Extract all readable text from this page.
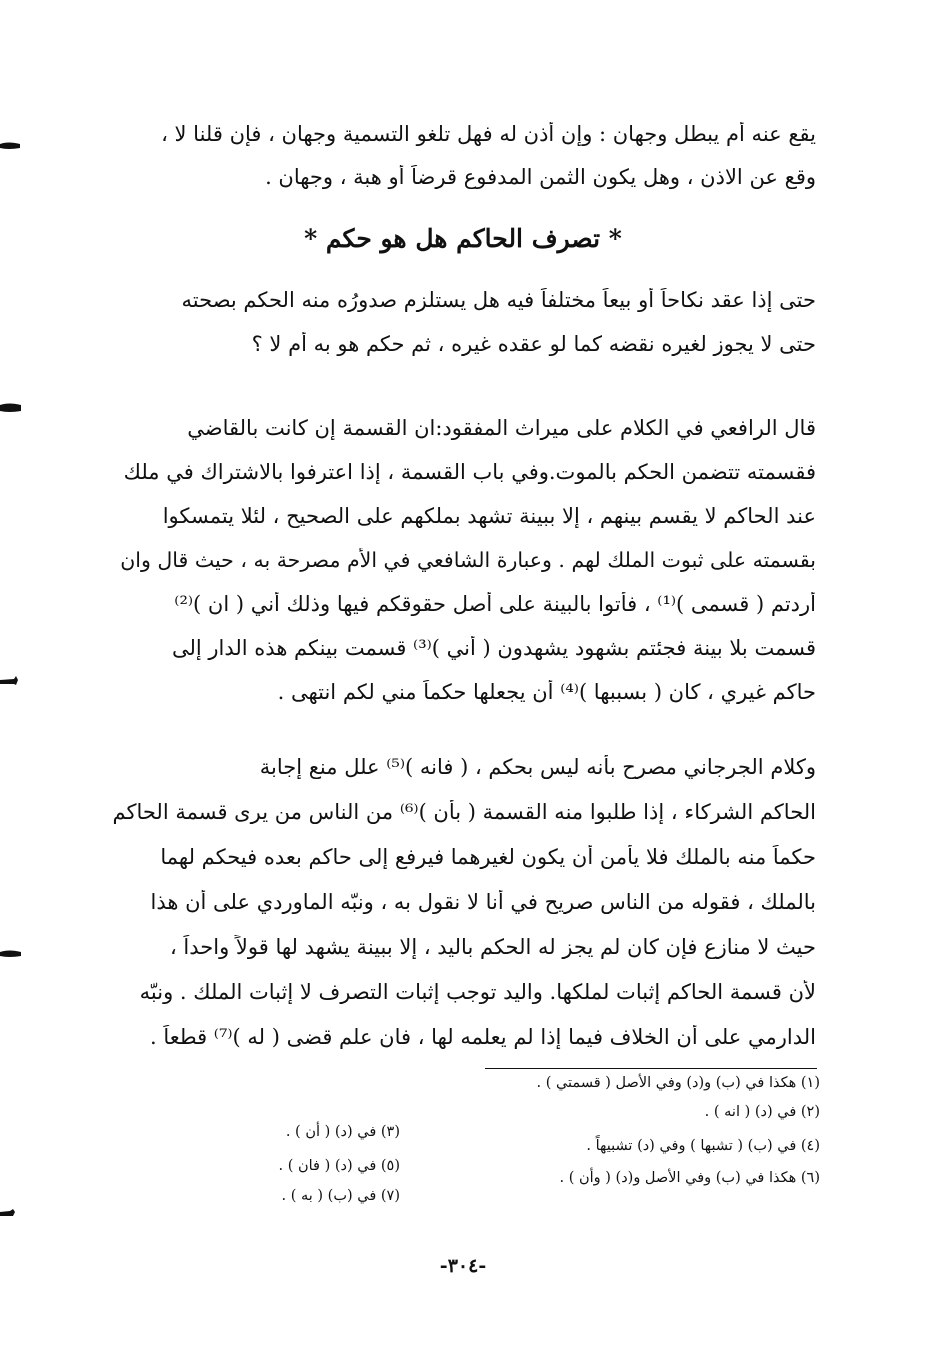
يقع عنه أم يبطل وجهان : وإن أذن له فهل تلغو التسمية وجهان ، فإن قلنا لا ،
وقع عن الاذن ، وهل يكون الثمن المدفوع قرضاً أو هبة ، وجهان .
* تصرف الحاكم هل هو حكم *
حتى إذا عقد نكاحاً أو بيعاً مختلفاً فيه هل يستلزم صدورُه منه الحكم بصحته
حتى لا يجوز لغيره نقضه كما لو عقده غيره ، ثم حكم هو به أم لا ؟
قال الرافعي في الكلام على ميراث المفقود:ان القسمة إن كانت بالقاضي
فقسمته تتضمن الحكم بالموت.وفي باب القسمة ، إذا اعترفوا بالاشتراك في ملك
عند الحاكم لا يقسم بينهم ، إلا ببينة تشهد بملكهم على الصحيح ، لئلا يتمسكوا
بقسمته على ثبوت الملك لهم . وعبارة الشافعي في الأم مصرحة به ، حيث قال وان
أردتم ( قسمى )⁽¹⁾ ، فأتوا بالبينة على أصل حقوقكم فيها وذلك أني ( ان )⁽²⁾
قسمت بلا بينة فجئتم بشهود يشهدون ( أني )⁽³⁾ قسمت بينكم هذه الدار إلى
حاكم غيري ، كان ( بسببها )⁽⁴⁾ أن يجعلها حكماً مني لكم انتهى .
وكلام الجرجاني مصرح بأنه ليس بحكم ، ( فانه )⁽⁵⁾ علل منع إجابة
الحاكم الشركاء ، إذا طلبوا منه القسمة ( بأن )⁽⁶⁾ من الناس من يرى قسمة الحاكم
حكماً منه بالملك فلا يأمن أن يكون لغيرهما فيرفع إلى حاكم بعده فيحكم لهما
بالملك ، فقوله من الناس صريح في أنا لا نقول به ، ونبّه الماوردي على أن هذا
حيث لا منازع فإن كان لم يجز له الحكم باليد ، إلا ببينة يشهد لها قولاً واحداً ،
لأن قسمة الحاكم إثبات لملكها. واليد توجب إثبات التصرف لا إثبات الملك . ونبّه
الدارمي على أن الخلاف فيما إذا لم يعلمه لها ، فان علم قضى ( له )⁽⁷⁾ قطعاً .
(١) هكذا في (ب) و(د) وفي الأصل ( قسمتي ) .
(٢) في (د) ( انه ) .
(٣) في (د) ( أن ) .
(٤) في (ب) ( تشبها ) وفي (د) تشبيهاً .
(٥) في (د) ( فان ) .
(٦) هكذا في (ب) وفي الأصل و(د) ( وأن ) .
(٧) في (ب) ( به ) .
-٣٠٤-
